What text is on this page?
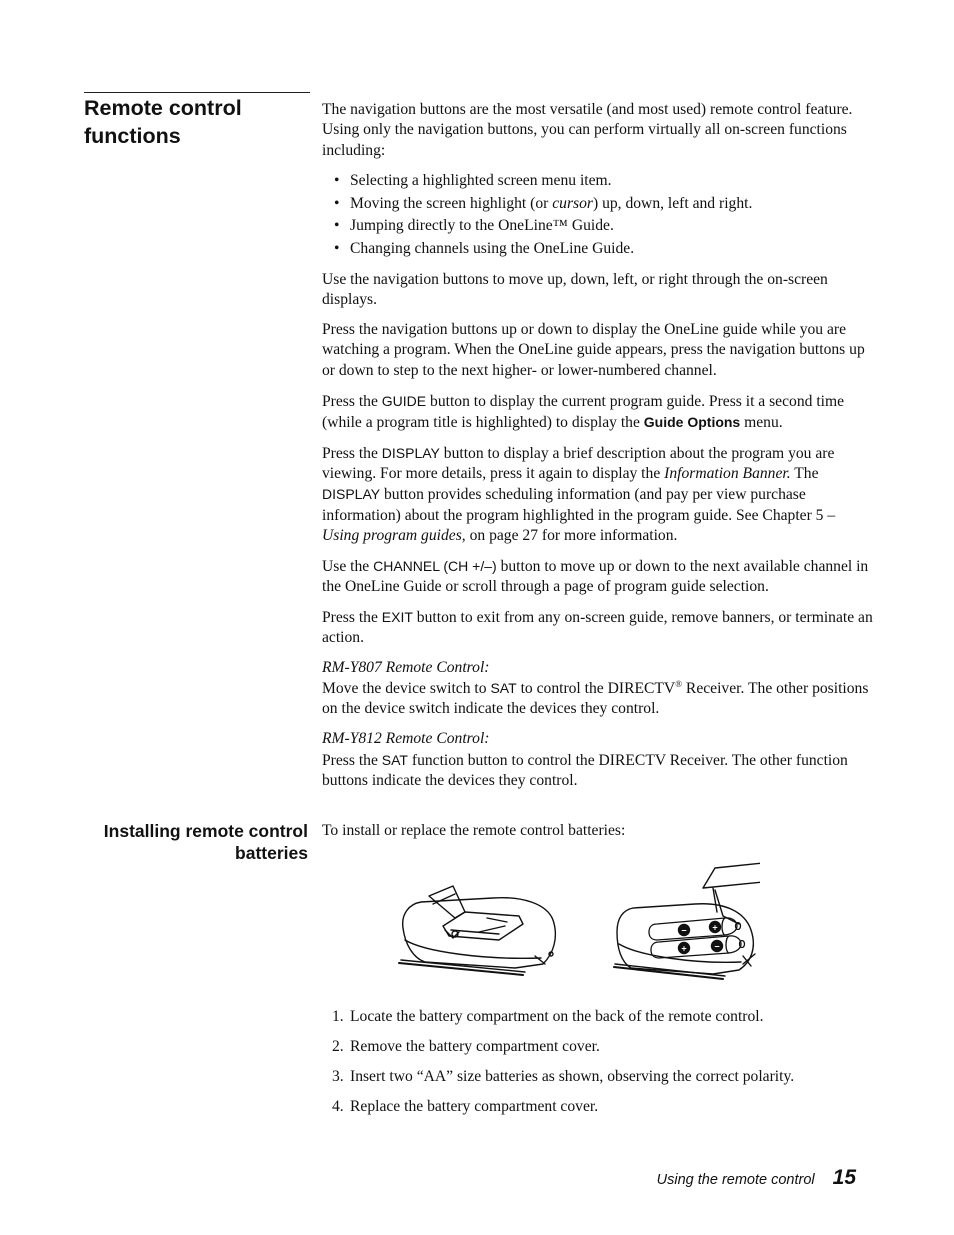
Remote control
functions

The navigation buttons are the most versatile (and most used) remote control feature. Using only the navigation buttons, you can perform virtually all on-screen functions including:

• Selecting a highlighted screen menu item.
• Moving the screen highlight (or cursor) up, down, left and right.
• Jumping directly to the OneLine™ Guide.
• Changing channels using the OneLine Guide.

Use the navigation buttons to move up, down, left, or right through the on-screen displays.

Press the navigation buttons up or down to display the OneLine guide while you are watching a program. When the OneLine guide appears, press the navigation buttons up or down to step to the next higher- or lower-numbered channel.

Press the GUIDE button to display the current program guide. Press it a second time (while a program title is highlighted) to display the Guide Options menu.

Press the DISPLAY button to display a brief description about the program you are viewing. For more details, press it again to display the Information Banner. The DISPLAY button provides scheduling information (and pay per view purchase information) about the program highlighted in the program guide. See Chapter 5 – Using program guides, on page 27 for more information.

Use the CHANNEL (CH +/–) button to move up or down to the next available channel in the OneLine Guide or scroll through a page of program guide selection.

Press the EXIT button to exit from any on-screen guide, remove banners, or terminate an action.

RM-Y807 Remote Control:
Move the device switch to SAT to control the DIRECTV® Receiver. The other positions on the device switch indicate the devices they control.

RM-Y812 Remote Control:
Press the SAT function button to control the DIRECTV Receiver. The other function buttons indicate the devices they control.

Installing remote control
batteries

To install or replace the remote control batteries:

−	+
+	−
1. Locate the battery compartment on the back of the remote control.
2. Remove the battery compartment cover.
3. Insert two “AA” size batteries as shown, observing the correct polarity.
4. Replace the battery compartment cover.
Using the remote control 15
